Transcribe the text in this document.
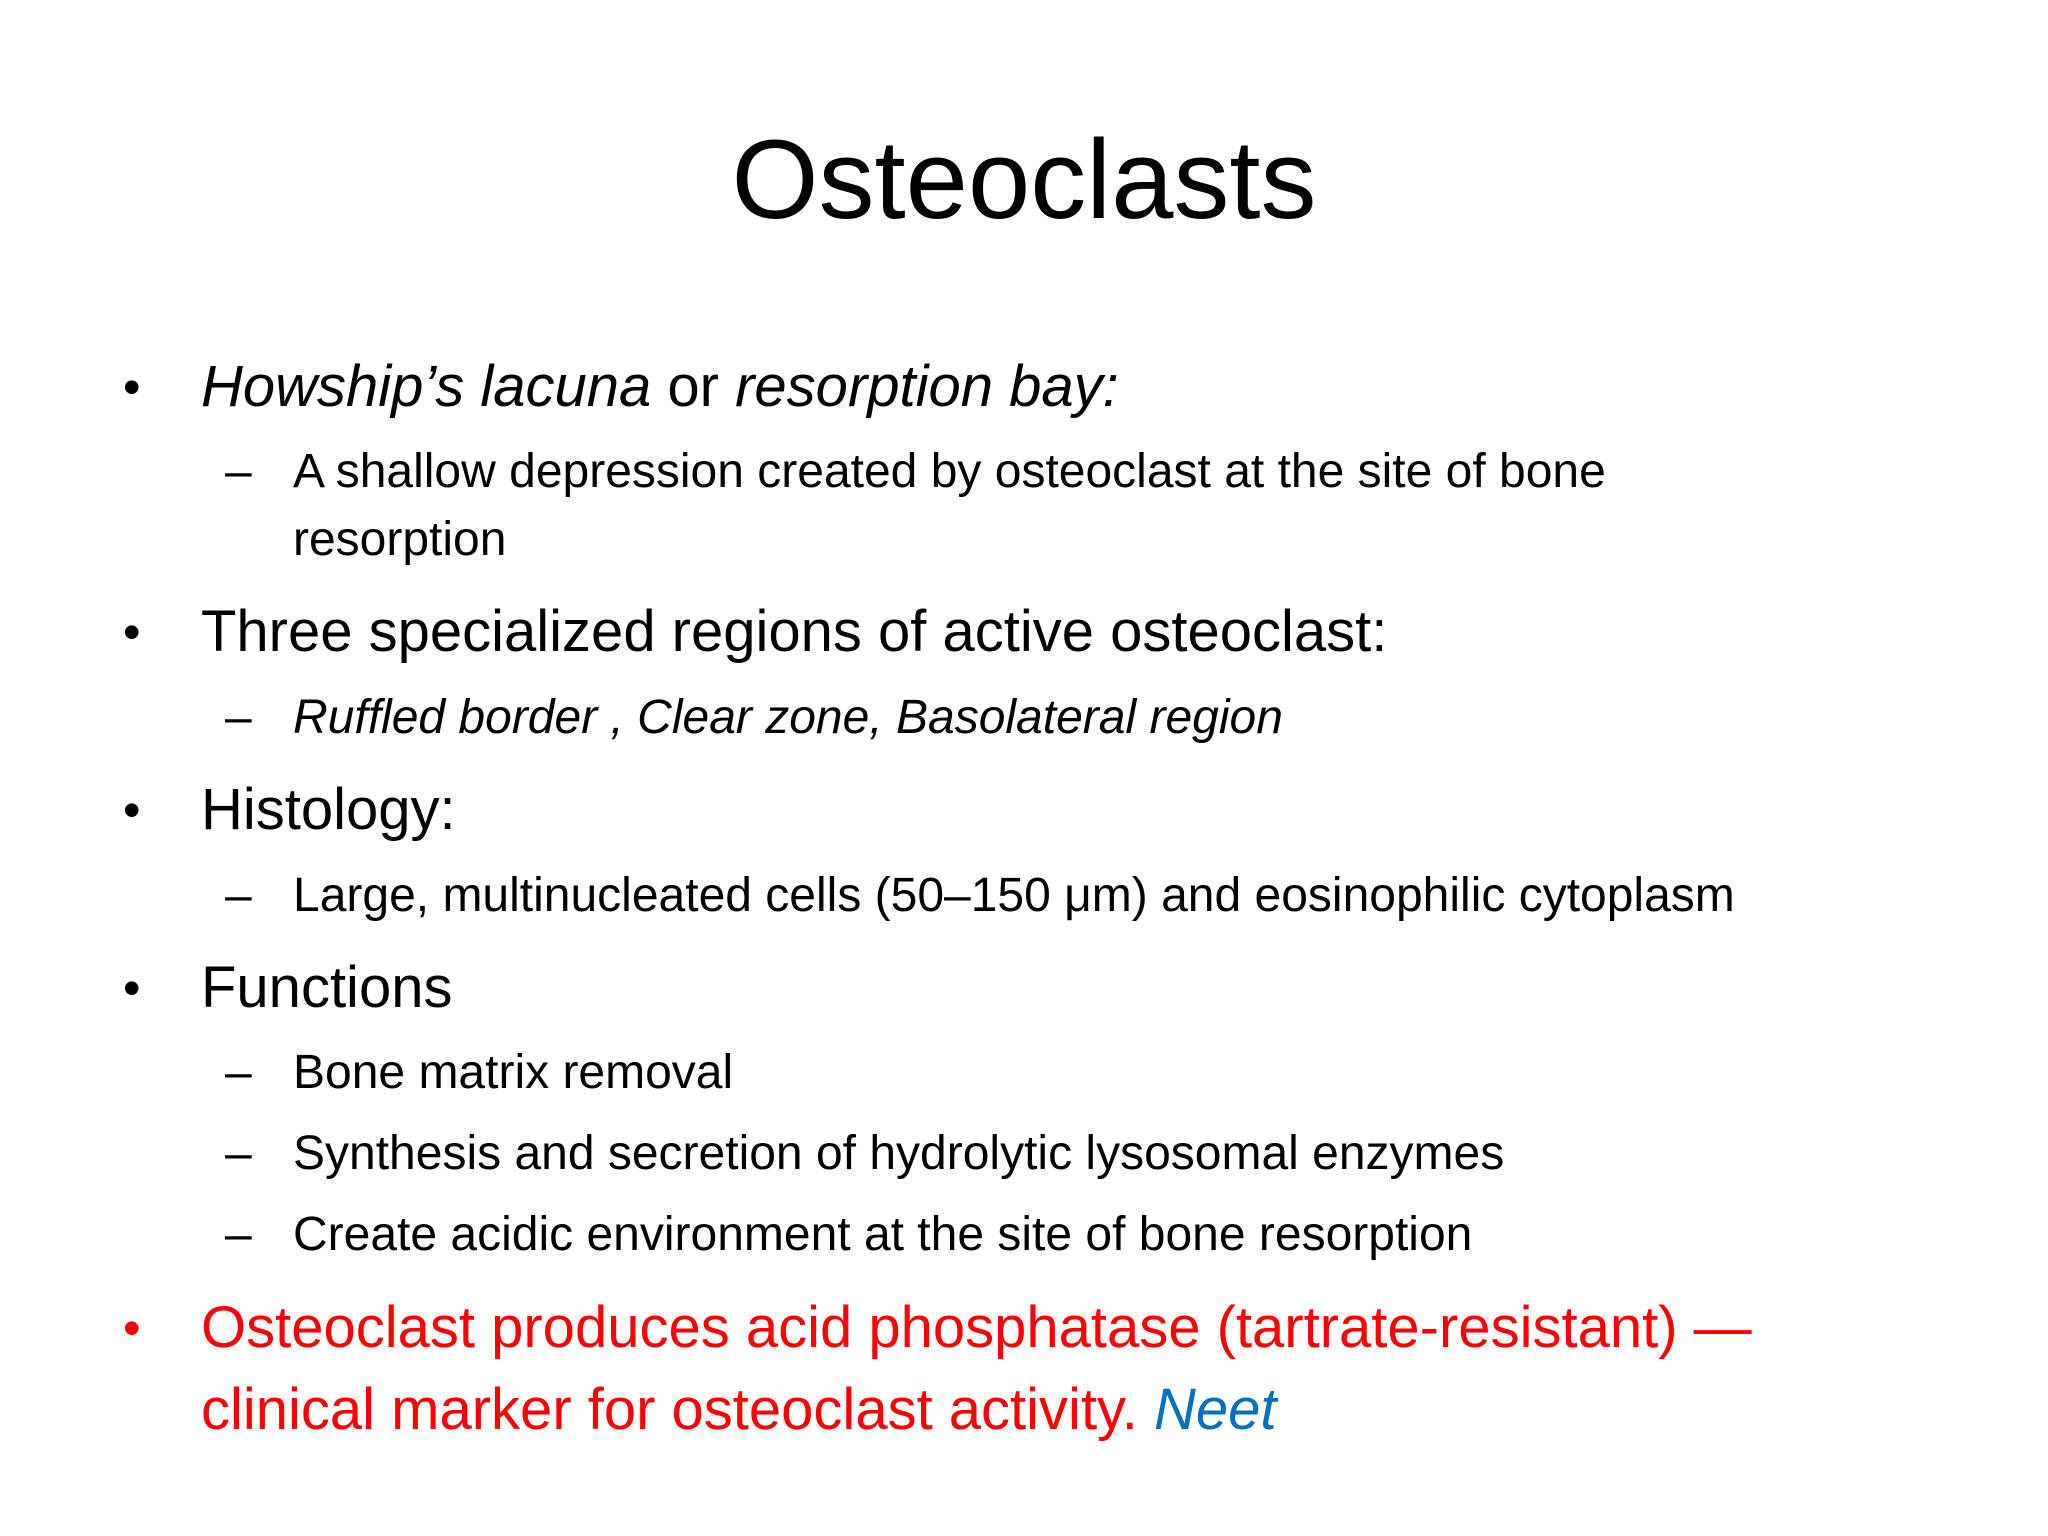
Osteoclasts

• Howship’s lacuna or resorption bay:

– A shallow depression created by osteoclast at the site of bone

resorption

• Three specialized regions of active osteoclast:

– Ruffled border , Clear zone, Basolateral region

• Histology:

– Large, multinucleated cells (50–150 μm) and eosinophilic cytoplasm

• Functions

– Bone matrix removal

– Synthesis and secretion of hydrolytic lysosomal enzymes

– Create acidic environment at the site of bone resorption

• Osteoclast produces acid phosphatase (tartrate-resistant) —

clinical marker for osteoclast activity. Neet
